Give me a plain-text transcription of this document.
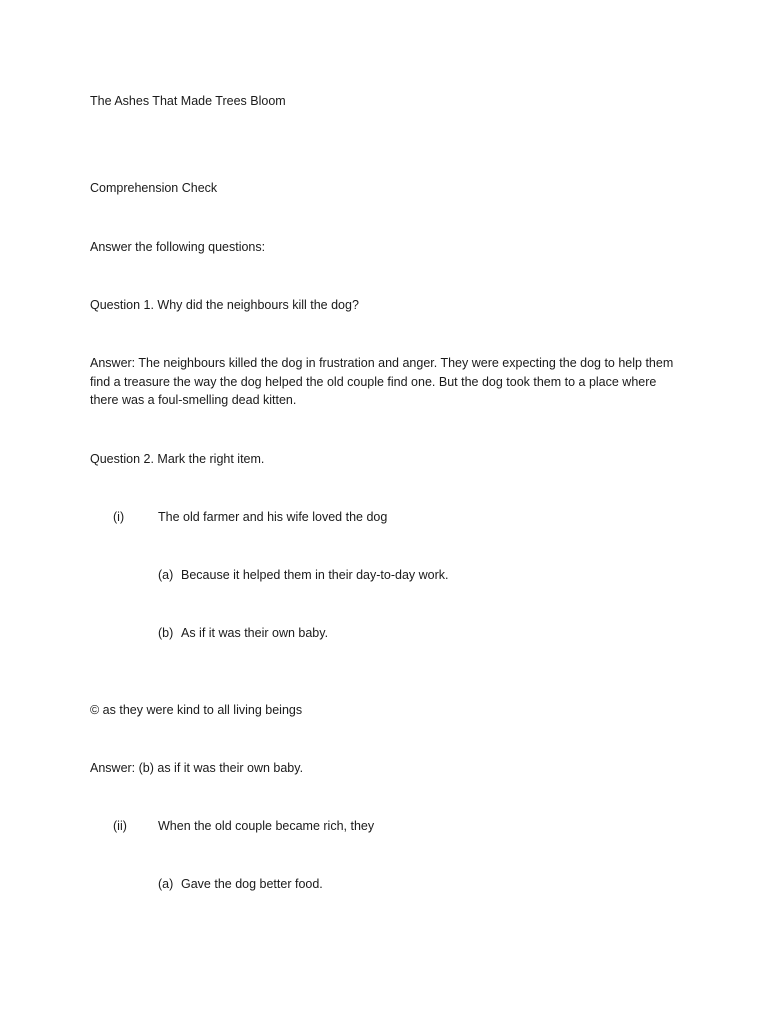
The Ashes That Made Trees Bloom
Comprehension Check
Answer the following questions:
Question 1. Why did the neighbours kill the dog?
Answer: The neighbours killed the dog in frustration and anger. They were expecting the dog to help them find a treasure the way the dog helped the old couple find one. But the dog took them to a place where there was a foul-smelling dead kitten.
Question 2. Mark the right item.
(i)	The old farmer and his wife loved the dog
(a) Because it helped them in their day-to-day work.
(b) As if it was their own baby.
© as they were kind to all living beings
Answer: (b) as if it was their own baby.
(ii) When the old couple became rich, they
(a) Gave the dog better food.
